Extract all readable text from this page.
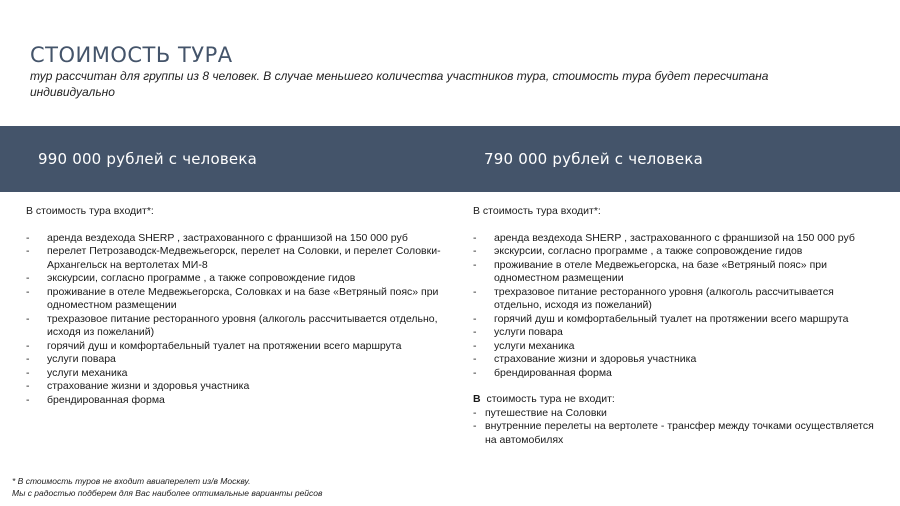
СТОИМОСТЬ ТУРА

тур рассчитан для группы из 8 человек. В случае меньшего количества участников тура, стоимость тура будет пересчитана индивидуально

990 000 рублей с человека	790 000 рублей с человека
В стоимость тура входит*:
- аренда вездехода SHERP , застрахованного с франшизой на 150 000 руб
- перелет Петрозаводск-Медвежьегорск, перелет на Соловки, и перелет Соловки-Архангельск на вертолетах МИ-8
- экскурсии, согласно программе , а также сопровождение гидов
- проживание в отеле Медвежьегорска, Соловках и на базе «Ветряный пояс» при одноместном размещении
- трехразовое питание ресторанного уровня (алкоголь рассчитывается отдельно, исходя из пожеланий)
- горячий душ и комфортабельный туалет на протяжении всего маршрута
- услуги повара
- услуги механика
- страхование жизни и здоровья участника
- брендированная форма
В стоимость тура входит*:
- аренда вездехода SHERP , застрахованного с франшизой на 150 000 руб
- экскурсии, согласно программе , а также сопровождение гидов
- проживание в отеле Медвежьегорска, на базе «Ветряный пояс» при одноместном размещении
- трехразовое питание ресторанного уровня (алкоголь рассчитывается отдельно, исходя из пожеланий)
- горячий душ и комфортабельный туалет на протяжении всего маршрута
- услуги повара
- услуги механика
- страхование жизни и здоровья участника
- брендированная форма
В стоимость тура не входит:
- путешествие на Соловки
- внутренние перелеты на вертолете - трансфер между точками осуществляется на автомобилях
* В стоимость туров не входит авиаперелет из/в Москву.
Мы с радостью подберем для Вас наиболее оптимальные варианты рейсов
